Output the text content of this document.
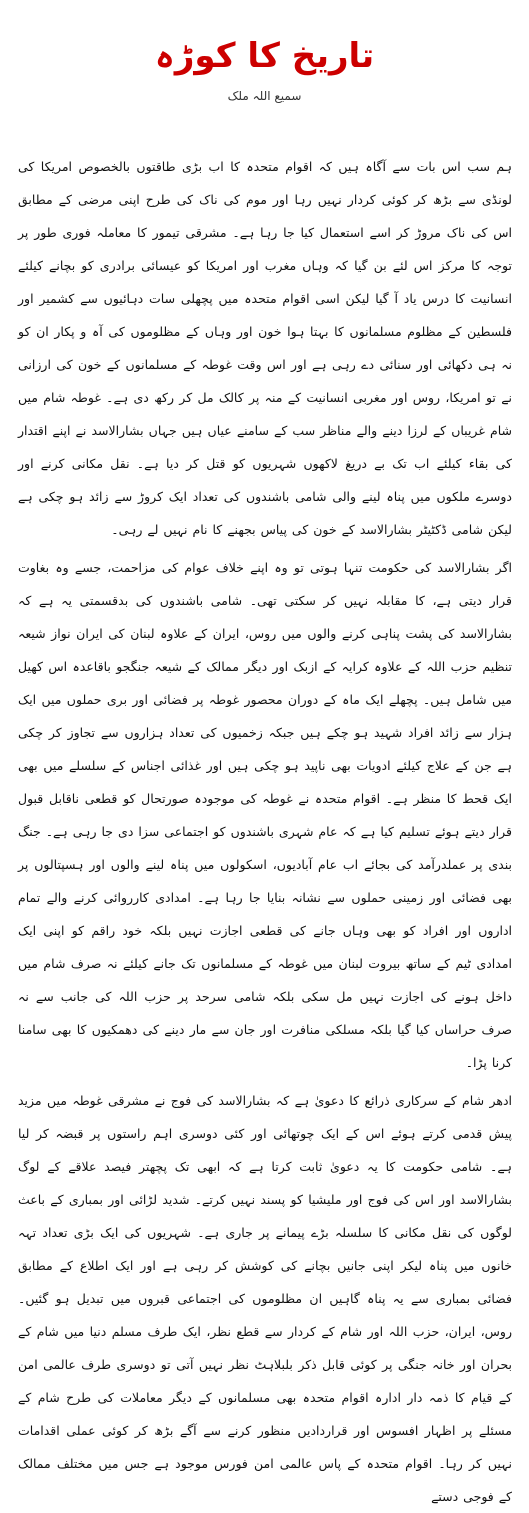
تاریخ کا کوڑہ
سمیع اللہ ملک

ہم سب اس بات سے آگاہ ہیں کہ اقوام متحدہ کا اب بڑی طاقتوں بالخصوص امریکا کی لونڈی سے بڑھ کر کوئی کردار نہیں رہا اور موم کی ناک کی طرح اپنی مرضی کے مطابق اس کی ناک مروڑ کر اسے استعمال کیا جا رہا ہے۔ مشرقی تیمور کا معاملہ فوری طور پر توجہ کا مرکز اس لئے بن گیا کہ وہاں مغرب اور امریکا کو عیسائی برادری کو بچانے کیلئے انسانیت کا درس یاد آ گیا لیکن اسی اقوام متحدہ میں پچھلی سات دہائیوں سے کشمیر اور فلسطین کے مظلوم مسلمانوں کا بہتا ہوا خون اور وہاں کے مظلوموں کی آہ و پکار ان کو نہ ہی دکھائی اور سنائی دے رہی ہے اور اس وقت غوطہ کے مسلمانوں کے خون کی ارزانی نے تو امریکا، روس اور مغربی انسانیت کے منہ پر کالک مل کر رکھ دی ہے۔ غوطہ شام میں شام غریباں کے لرزا دینے والے مناظر سب کے سامنے عیاں ہیں جہاں بشارالاسد نے اپنے اقتدار کی بقاء کیلئے اب تک بے دریغ لاکھوں شہریوں کو قتل کر دیا ہے۔ نقل مکانی کرنے اور دوسرے ملکوں میں پناہ لینے والی شامی باشندوں کی تعداد ایک کروڑ سے زائد ہو چکی ہے لیکن شامی ڈکٹیٹر بشارالاسد کے خون کی پیاس بجھنے کا نام نہیں لے رہی۔

اگر بشارالاسد کی حکومت تنہا ہوتی تو وہ اپنے خلاف عوام کی مزاحمت، جسے وہ بغاوت قرار دیتی ہے، کا مقابلہ نہیں کر سکتی تھی۔ شامی باشندوں کی بدقسمتی یہ ہے کہ بشارالاسد کی پشت پناہی کرنے والوں میں روس، ایران کے علاوہ لبنان کی ایران نواز شیعہ تنظیم حزب اللہ کے علاوہ کرایہ کے ازبک اور دیگر ممالک کے شیعہ جنگجو باقاعدہ اس کھیل میں شامل ہیں۔ پچھلے ایک ماہ کے دوران محصور غوطہ پر فضائی اور بری حملوں میں ایک ہزار سے زائد افراد شہید ہو چکے ہیں جبکہ زخمیوں کی تعداد ہزاروں سے تجاوز کر چکی ہے جن کے علاج کیلئے ادویات بھی ناپید ہو چکی ہیں اور غذائی اجناس کے سلسلے میں بھی ایک قحط کا منظر ہے۔ اقوام متحدہ نے غوطہ کی موجودہ صورتحال کو قطعی ناقابل قبول قرار دیتے ہوئے تسلیم کیا ہے کہ عام شہری باشندوں کو اجتماعی سزا دی جا رہی ہے۔ جنگ بندی پر عملدرآمد کی بجائے اب عام آبادیوں، اسکولوں میں پناہ لینے والوں اور ہسپتالوں پر بھی فضائی اور زمینی حملوں سے نشانہ بنایا جا رہا ہے۔ امدادی کارروائی کرنے والے تمام اداروں اور افراد کو بھی وہاں جانے کی قطعی اجازت نہیں بلکہ خود راقم کو اپنی ایک امدادی ٹیم کے ساتھ بیروت لبنان میں غوطہ کے مسلمانوں تک جانے کیلئے نہ صرف شام میں داخل ہونے کی اجازت نہیں مل سکی بلکہ شامی سرحد پر حزب اللہ کی جانب سے نہ صرف حراساں کیا گیا بلکہ مسلکی منافرت اور جان سے مار دینے کی دھمکیوں کا بھی سامنا کرنا پڑا۔

ادھر شام کے سرکاری ذرائع کا دعویٰ ہے کہ بشارالاسد کی فوج نے مشرقی غوطہ میں مزید پیش قدمی کرتے ہوئے اس کے ایک چوتھائی اور کئی دوسری اہم راستوں پر قبضہ کر لیا ہے۔ شامی حکومت کا یہ دعویٰ ثابت کرتا ہے کہ ابھی تک پچھتر فیصد علاقے کے لوگ بشارالاسد اور اس کی فوج اور ملیشیا کو پسند نہیں کرتے۔ شدید لڑائی اور بمباری کے باعث لوگوں کی نقل مکانی کا سلسلہ بڑے پیمانے پر جاری ہے۔ شہریوں کی ایک بڑی تعداد تہہ خانوں میں پناہ لیکر اپنی جانیں بچانے کی کوشش کر رہی ہے اور ایک اطلاع کے مطابق فضائی بمباری سے یہ پناہ گاہیں ان مظلوموں کی اجتماعی قبروں میں تبدیل ہو گئیں۔ روس، ایران، حزب اللہ اور شام کے کردار سے قطع نظر، ایک طرف مسلم دنیا میں شام کے بحران اور خانہ جنگی پر کوئی قابل ذکر بلبلاہٹ نظر نہیں آتی تو دوسری طرف عالمی امن کے قیام کا ذمہ دار ادارہ اقوام متحدہ بھی مسلمانوں کے دیگر معاملات کی طرح شام کے مسئلے پر اظہار افسوس اور قراردادیں منظور کرنے سے آگے بڑھ کر کوئی عملی اقدامات نہیں کر رہا۔ اقوام متحدہ کے پاس عالمی امن فورس موجود ہے جس میں مختلف ممالک کے فوجی دستے
